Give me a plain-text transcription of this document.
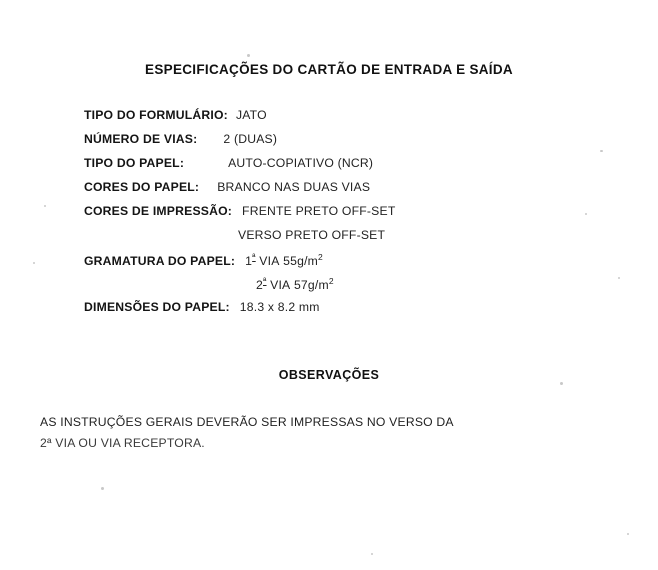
ESPECIFICAÇÕES DO CARTÃO DE ENTRADA E SAÍDA
TIPO DO FORMULÁRIO: JATO
NÚMERO DE VIAS: 2 (DUAS)
TIPO DO PAPEL:	AUTO-COPIATIVO (NCR)
CORES DO PAPEL: BRANCO NAS DUAS VIAS
CORES DE IMPRESSÃO: FRENTE PRETO OFF-SET
VERSO PRETO OFF-SET
GRAMATURA DO PAPEL: $1^ª$ VIA $55g/m^2$
$2^ª$ VIA $57g/m^2$
DIMENSÕES DO PAPEL: 18.3 x 8.2 mm
OBSERVAÇÕES
AS INSTRUÇÕES GERAIS DEVERÃO SER IMPRESSAS NO VERSO DA
2ª VIA OU VIA RECEPTORA.
